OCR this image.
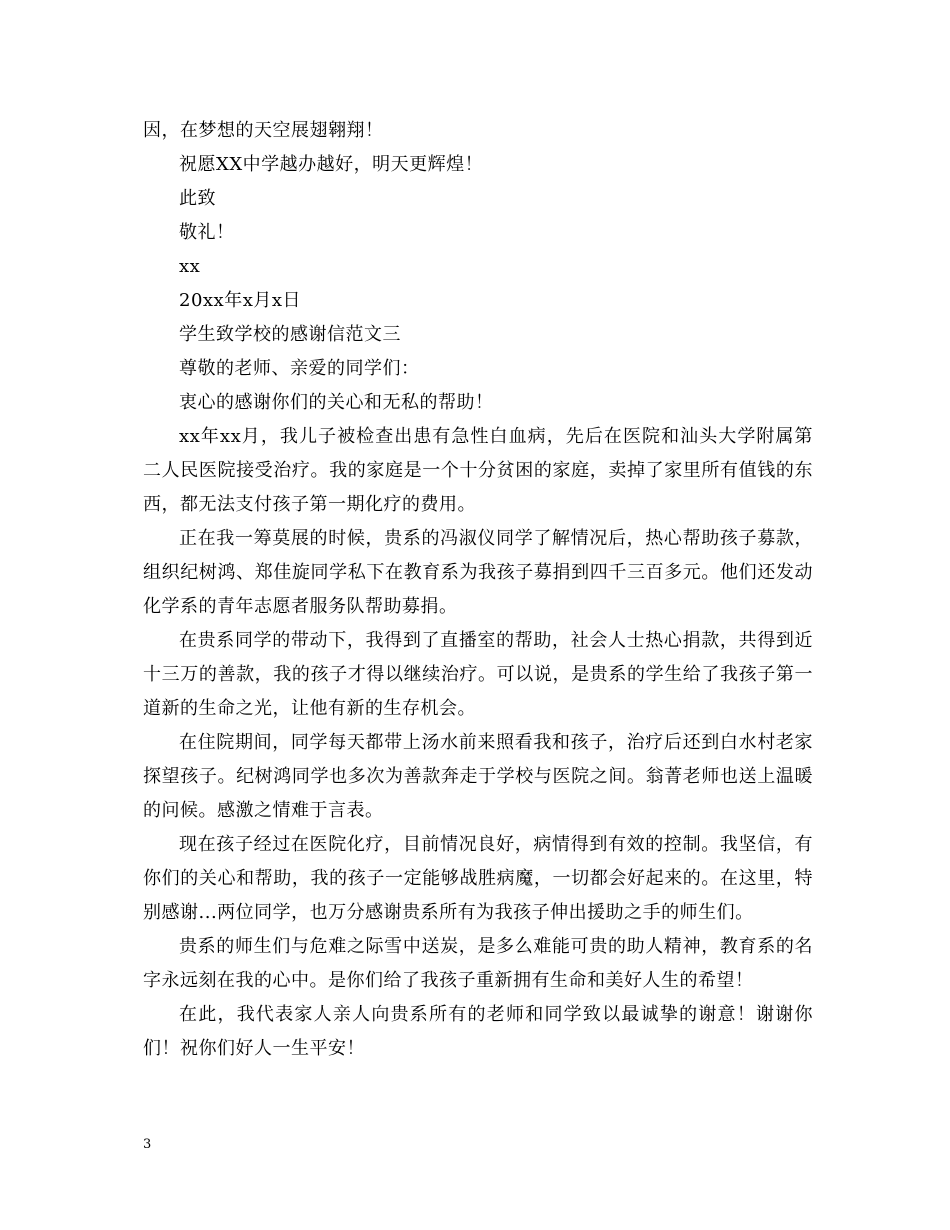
因，在梦想的天空展翅翱翔！

祝愿XX中学越办越好，明天更辉煌！

此致

敬礼！

xx

20xx年x月x日

学生致学校的感谢信范文三

尊敬的老师、亲爱的同学们：

衷心的感谢你们的关心和无私的帮助！

xx年xx月，我儿子被检查出患有急性白血病，先后在医院和汕头大学附属第二人民医院接受治疗。我的家庭是一个十分贫困的家庭，卖掉了家里所有值钱的东西，都无法支付孩子第一期化疗的费用。

正在我一筹莫展的时候，贵系的冯淑仪同学了解情况后，热心帮助孩子募款，组织纪树鸿、郑佳旋同学私下在教育系为我孩子募捐到四千三百多元。他们还发动化学系的青年志愿者服务队帮助募捐。

在贵系同学的带动下，我得到了直播室的帮助，社会人士热心捐款，共得到近十三万的善款，我的孩子才得以继续治疗。可以说，是贵系的学生给了我孩子第一道新的生命之光，让他有新的生存机会。

在住院期间，同学每天都带上汤水前来照看我和孩子，治疗后还到白水村老家探望孩子。纪树鸿同学也多次为善款奔走于学校与医院之间。翁菁老师也送上温暖的问候。感激之情难于言表。

现在孩子经过在医院化疗，目前情况良好，病情得到有效的控制。我坚信，有你们的关心和帮助，我的孩子一定能够战胜病魔，一切都会好起来的。在这里，特别感谢...两位同学，也万分感谢贵系所有为我孩子伸出援助之手的师生们。

贵系的师生们与危难之际雪中送炭，是多么难能可贵的助人精神，教育系的名字永远刻在我的心中。是你们给了我孩子重新拥有生命和美好人生的希望！

在此，我代表家人亲人向贵系所有的老师和同学致以最诚挚的谢意！谢谢你们！祝你们好人一生平安！

3
